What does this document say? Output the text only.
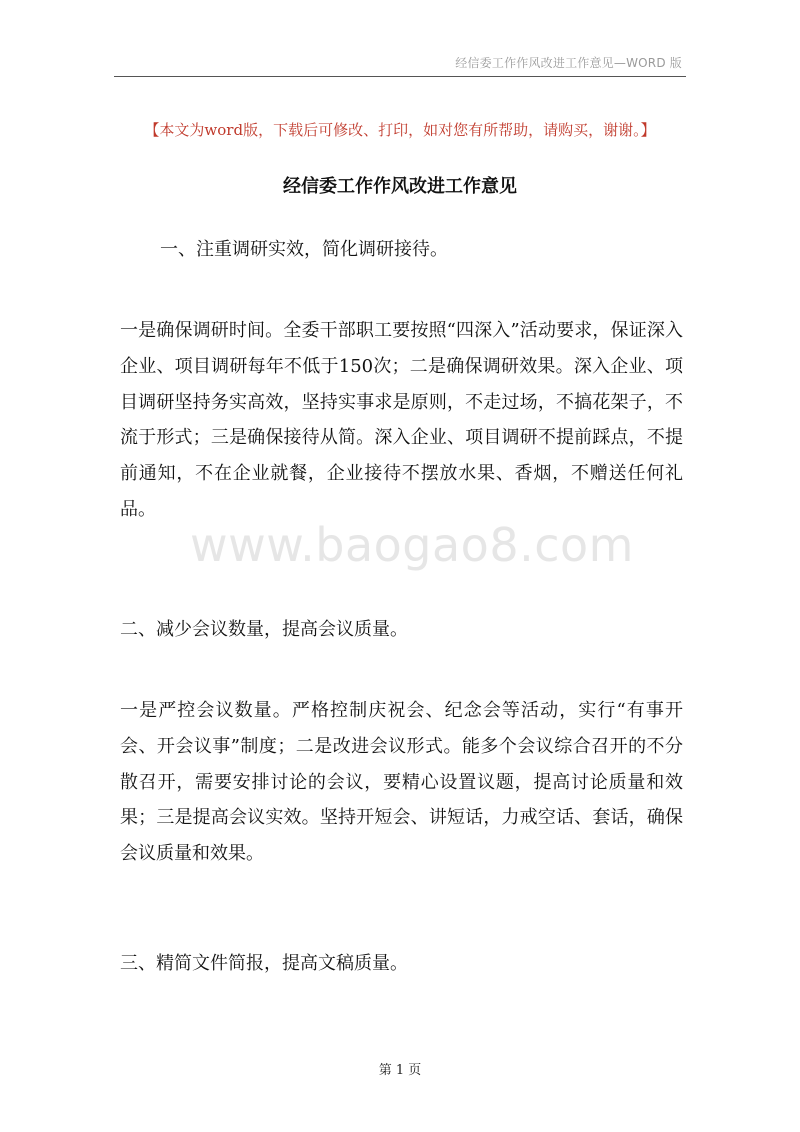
经信委工作作风改进工作意见—WORD 版
【本文为word版，下载后可修改、打印，如对您有所帮助，请购买，谢谢。】
经信委工作作风改进工作意见
一、注重调研实效，简化调研接待。
一是确保调研时间。全委干部职工要按照“四深入”活动要求，保证深入企业、项目调研每年不低于150次；二是确保调研效果。深入企业、项目调研坚持务实高效，坚持实事求是原则，不走过场，不搞花架子，不流于形式；三是确保接待从简。深入企业、项目调研不提前踩点，不提前通知，不在企业就餐，企业接待不摆放水果、香烟，不赠送任何礼品。
二、减少会议数量，提高会议质量。
一是严控会议数量。严格控制庆祝会、纪念会等活动，实行“有事开会、开会议事”制度；二是改进会议形式。能多个会议综合召开的不分散召开，需要安排讨论的会议，要精心设置议题，提高讨论质量和效果；三是提高会议实效。坚持开短会、讲短话，力戒空话、套话，确保会议质量和效果。
三、精简文件简报，提高文稿质量。
www.baogao8.com
第 1 页
